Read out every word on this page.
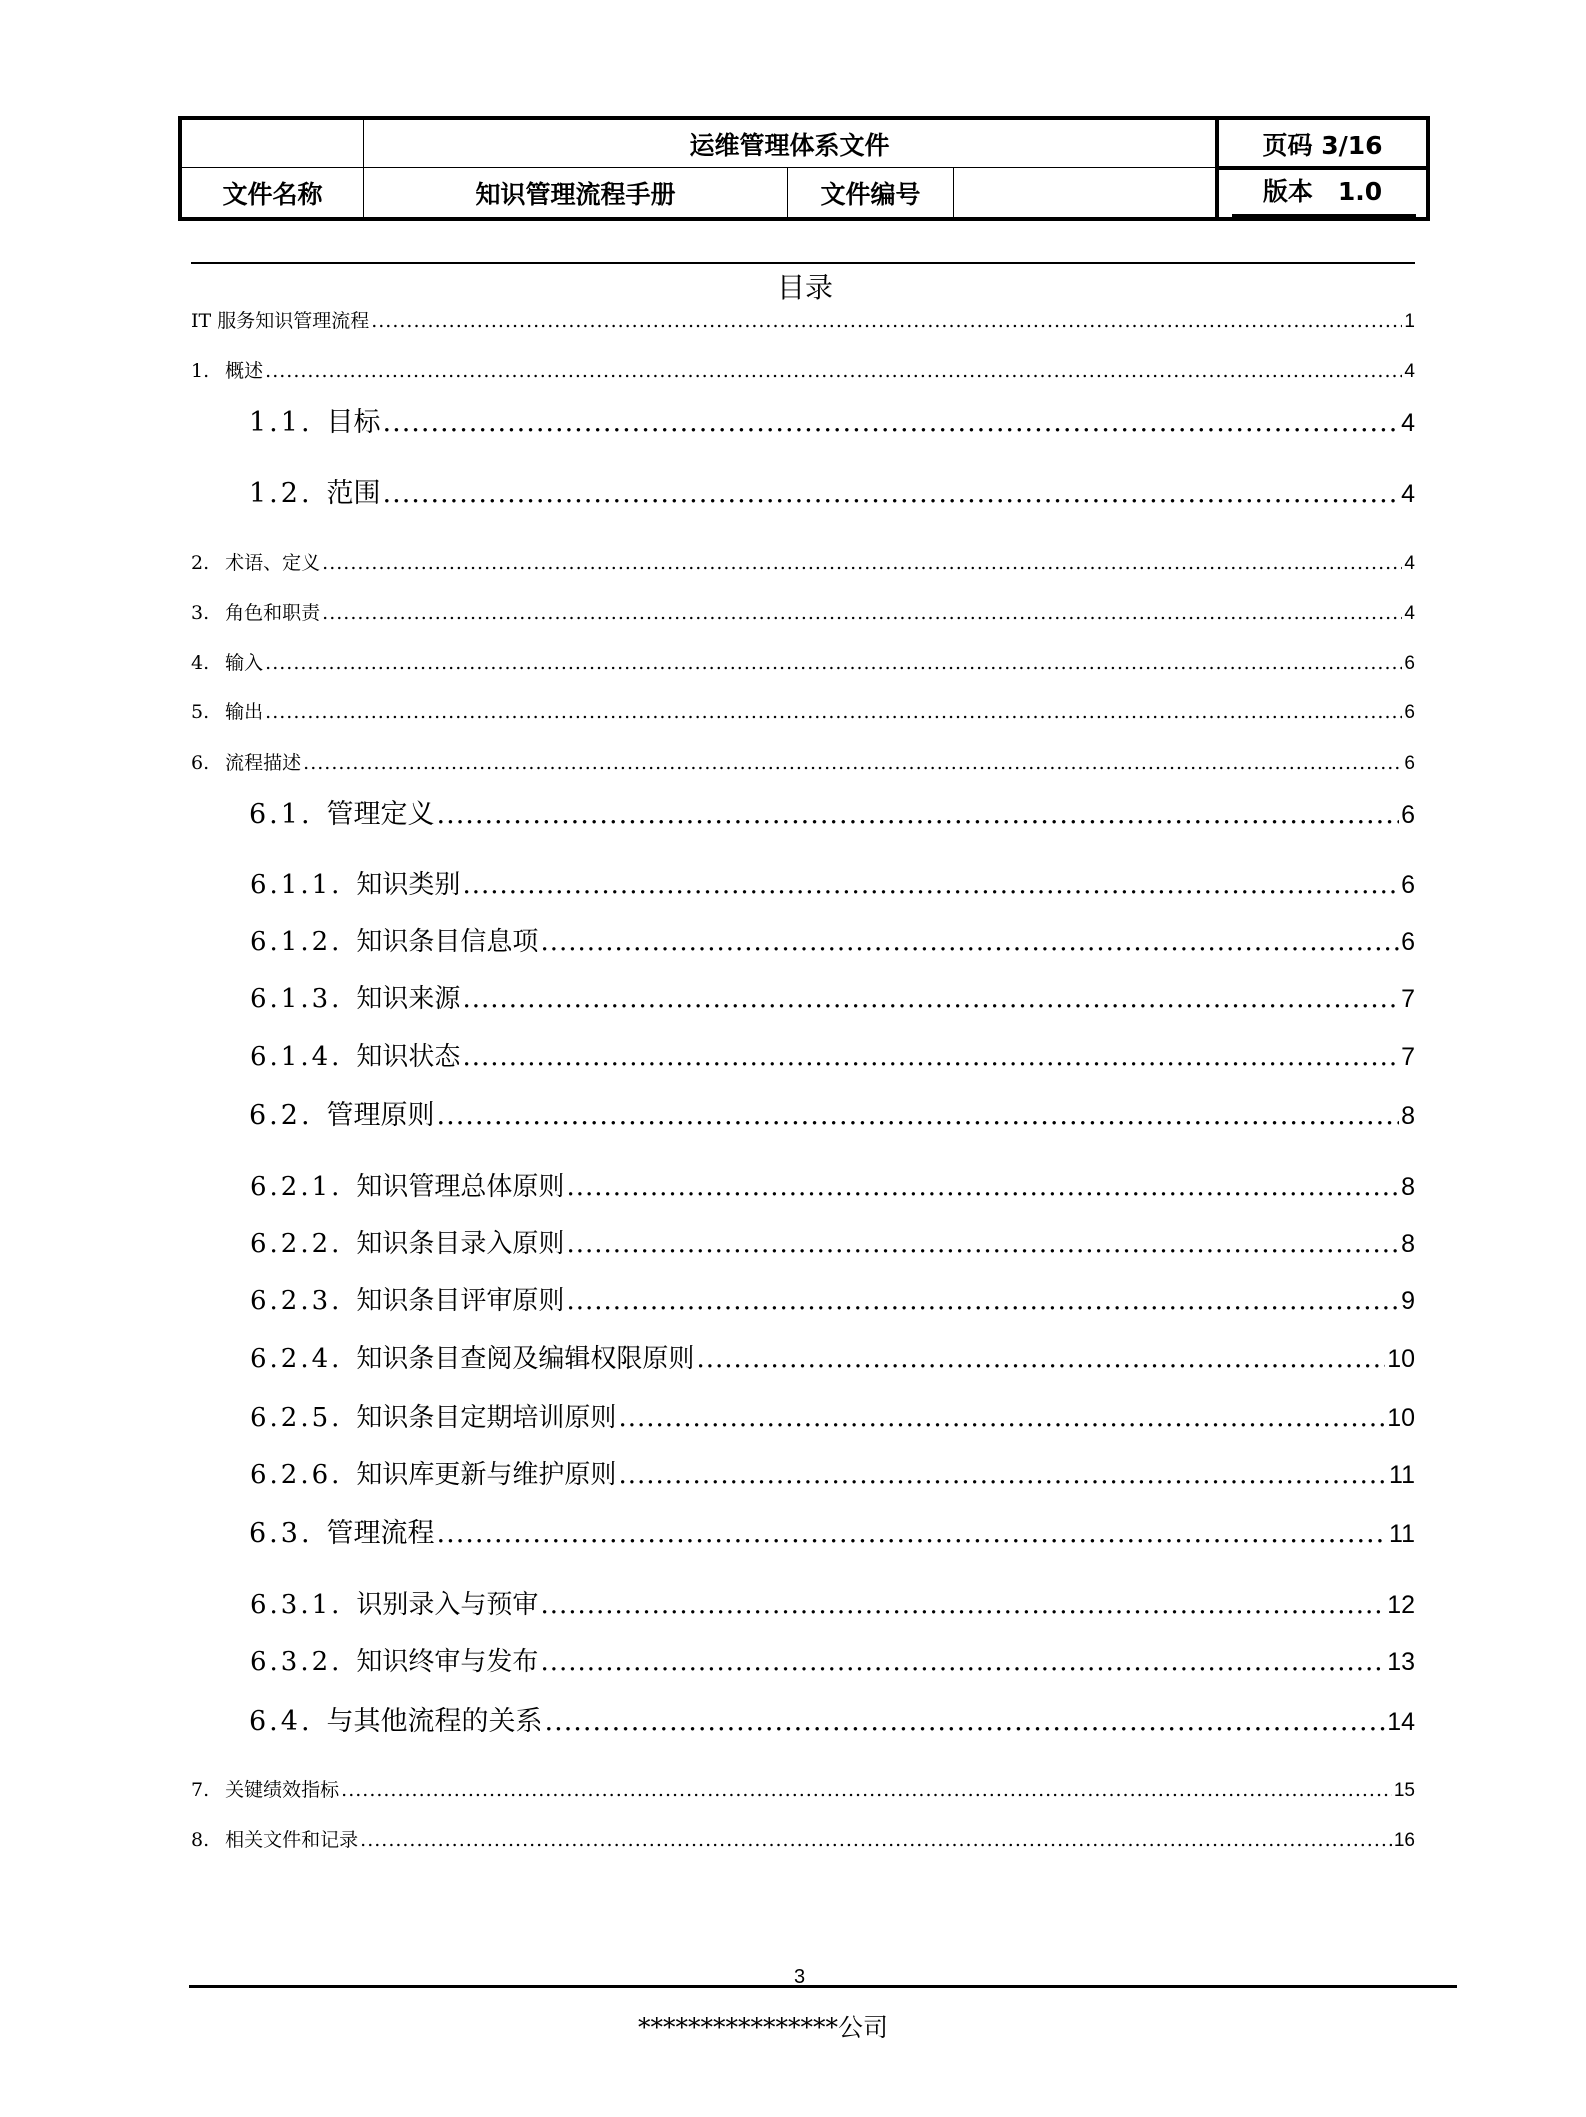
运维管理体系文件	页码 3/16
文件名称	知识管理流程手册	文件编号	版本　1.0
目录
IT 服务知识管理流程 .....	1
1. 概述 .....	4
1.1. 目标 .....	4
1.2. 范围 .....	4
2. 术语、定义 .....	4
3. 角色和职责 .....	4
4. 输入 .....	6
5. 输出 .....	6
6. 流程描述 .....	6
6.1. 管理定义 .....	6
6.1.1. 知识类别 .....	6
6.1.2. 知识条目信息项 .....	6
6.1.3. 知识来源 .....	7
6.1.4. 知识状态 .....	7
6.2. 管理原则 .....	8
6.2.1. 知识管理总体原则 .....	8
6.2.2. 知识条目录入原则 .....	8
6.2.3. 知识条目评审原则 .....	9
6.2.4. 知识条目查阅及编辑权限原则 .....	10
6.2.5. 知识条目定期培训原则 .....	10
6.2.6. 知识库更新与维护原则 .....	11
6.3. 管理流程 .....	11
6.3.1. 识别录入与预审 .....	12
6.3.2. 知识终审与发布 .....	13
6.4. 与其他流程的关系 .....	14
7. 关键绩效指标 .....	15
8. 相关文件和记录 .....	16
3
****************公司
